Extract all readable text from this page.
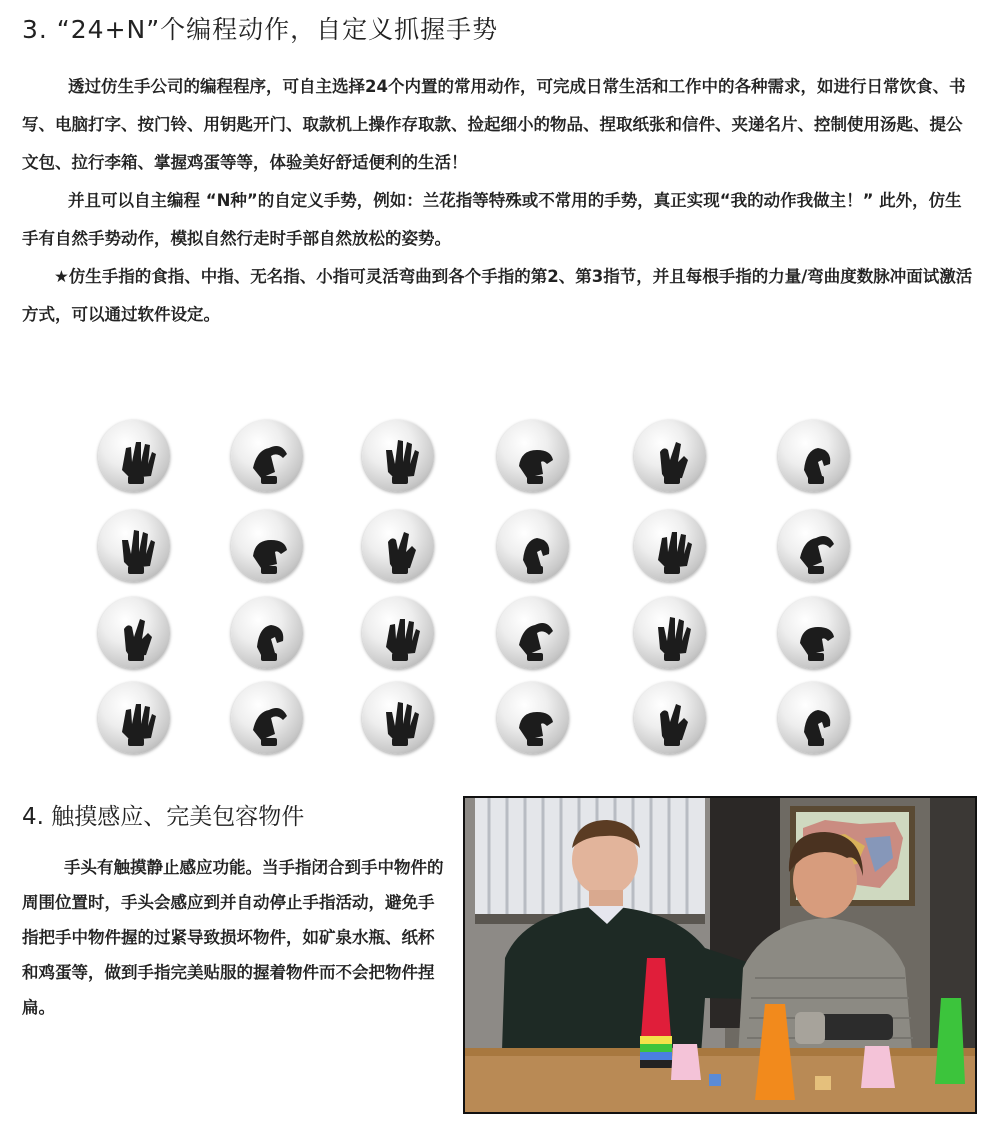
3. “24+N”个编程动作，自定义抓握手势

透过仿生手公司的编程程序，可自主选择24个内置的常用动作，可完成日常生活和工作中的各种需求，如进行日常饮食、书写、电脑打字、按门铃、用钥匙开门、取款机上操作存取款、捡起细小的物品、捏取纸张和信件、夹递名片、控制使用汤匙、提公文包、拉行李箱、掌握鸡蛋等等，体验美好舒适便利的生活！

并且可以自主编程 “N种”的自定义手势，例如：兰花指等特殊或不常用的手势，真正实现“我的动作我做主！” 此外，仿生手有自然手势动作，模拟自然行走时手部自然放松的姿势。

★仿生手指的食指、中指、无名指、小指可灵活弯曲到各个手指的第2、第3指节，并且每根手指的力量/弯曲度数脉冲面试激活方式，可以通过软件设定。

4. 触摸感应、完美包容物件

手头有触摸静止感应功能。当手指闭合到手中物件的周围位置时，手头会感应到并自动停止手指活动，避免手指把手中物件握的过紧导致损坏物件，如矿泉水瓶、纸杯和鸡蛋等，做到手指完美贴服的握着物件而不会把物件捏扁。
